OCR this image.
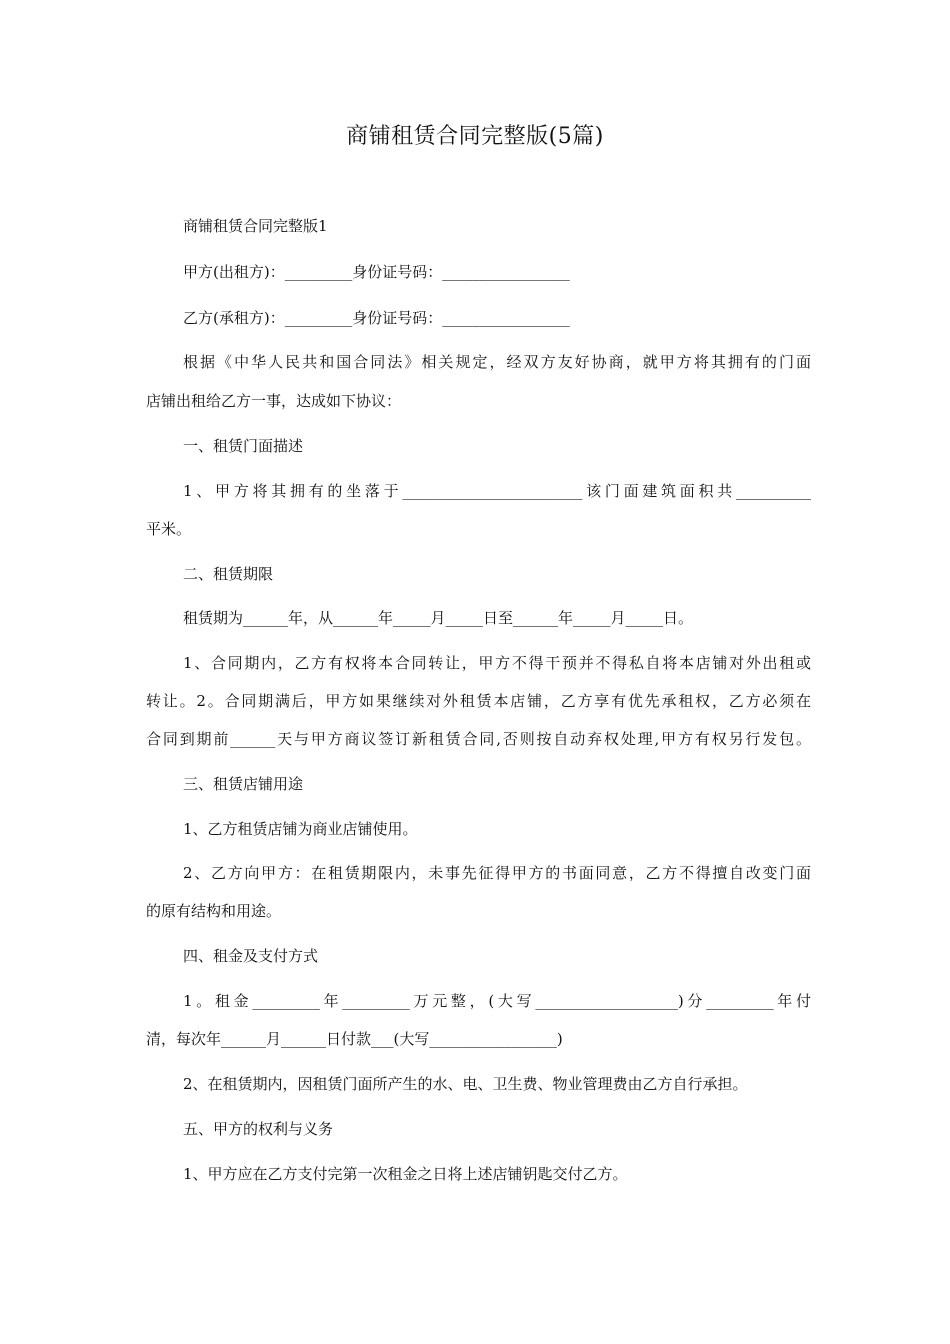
商铺租赁合同完整版(5篇)
商铺租赁合同完整版1
甲方(出租方)：_________身份证号码：_________________
乙方(承租方)：_________身份证号码：_________________
根据《中华人民共和国合同法》相关规定，经双方友好协商，就甲方将其拥有的门面
店铺出租给乙方一事，达成如下协议：
一、租赁门面描述
1、甲方将其拥有的坐落于________________________该门面建筑面积共__________
平米。
二、租赁期限
租赁期为______年，从______年_____月_____日至______年_____月_____日。
1、合同期内，乙方有权将本合同转让，甲方不得干预并不得私自将本店铺对外出租或
转让。2。合同期满后，甲方如果继续对外租赁本店铺，乙方享有优先承租权，乙方必须在
合同到期前______天与甲方商议签订新租赁合同,否则按自动弃权处理,甲方有权另行发包。
三、租赁店铺用途
1、乙方租赁店铺为商业店铺使用。
2、乙方向甲方：在租赁期限内，未事先征得甲方的书面同意，乙方不得擅自改变门面
的原有结构和用途。
四、租金及支付方式
1。租金_________年_________万元整，(大写___________________)分_________年付
清，每次年______月______日付款___(大写_________________)
2、在租赁期内，因租赁门面所产生的水、电、卫生费、物业管理费由乙方自行承担。
五、甲方的权利与义务
1、甲方应在乙方支付完第一次租金之日将上述店铺钥匙交付乙方。
